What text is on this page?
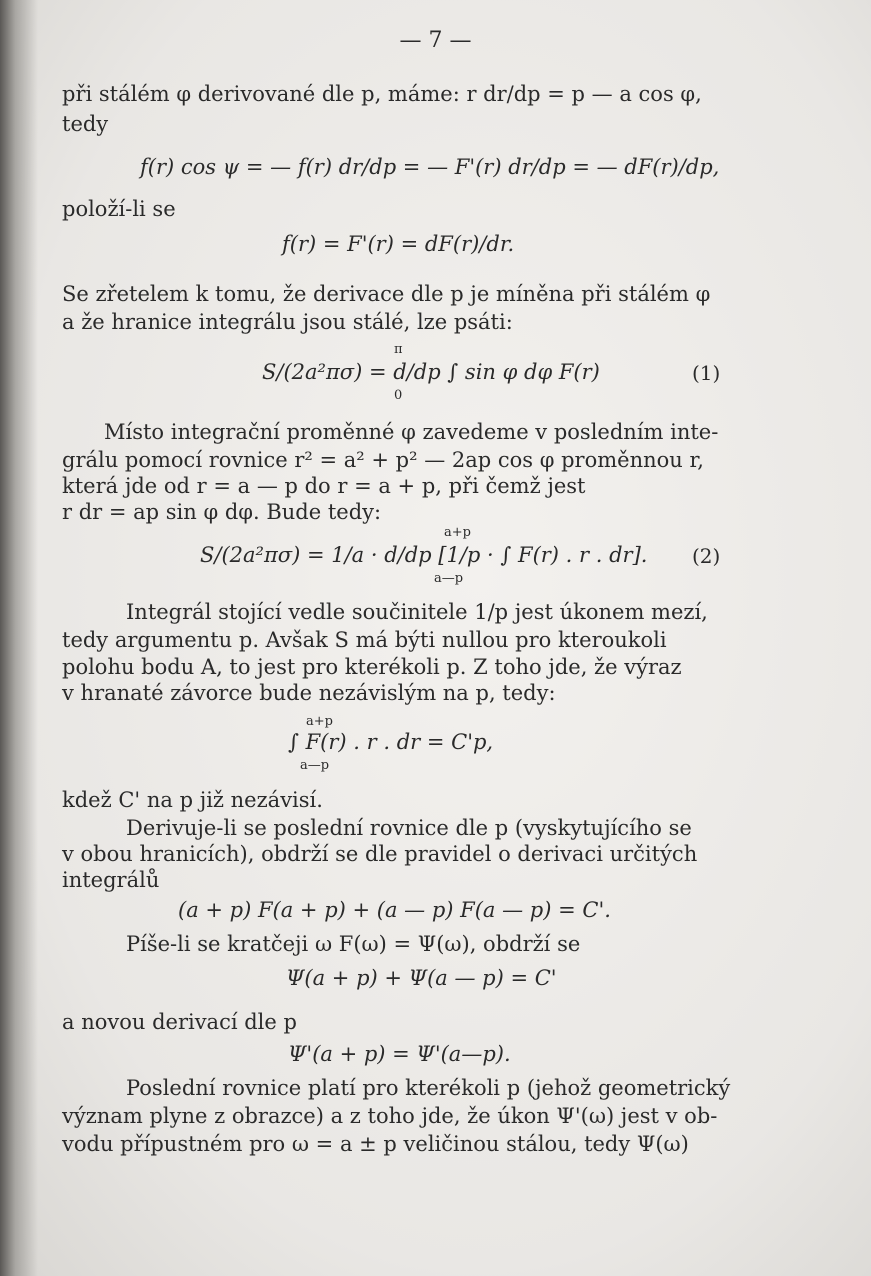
— 7 —
při stálém φ derivované dle p, máme: r dr/dp = p — a cos φ,
tedy
f(r) cos ψ = — f(r) dr/dp = — F'(r) dr/dp = — dF(r)/dp,
položí-li se
f(r) = F'(r) = dF(r)/dr.
Se zřetelem k tomu, že derivace dle p je míněna při stálém φ
a že hranice integrálu jsou stálé, lze psáti:
S/(2a²πσ) = d/dp ∫ sin φ dφ F(r)
π
0
(1)
Místo integrační proměnné φ zavedeme v posledním inte-
grálu pomocí rovnice r² = a² + p² — 2ap cos φ proměnnou r,
která jde od r = a — p do r = a + p, při čemž jest
r dr = ap sin φ dφ. Bude tedy:
S/(2a²πσ) = 1/a · d/dp [1/p · ∫ F(r) . r . dr].
a+p
a—p
(2)
Integrál stojící vedle součinitele 1/p jest úkonem mezí,
tedy argumentu p. Avšak S má býti nullou pro kteroukoli
polohu bodu A, to jest pro kterékoli p. Z toho jde, že výraz
v hranaté závorce bude nezávislým na p, tedy:
∫ F(r) . r . dr = C'p,
a+p
a—p
kdež C' na p již nezávisí.
Derivuje-li se poslední rovnice dle p (vyskytujícího se
v obou hranicích), obdrží se dle pravidel o derivaci určitých
integrálů
(a + p) F(a + p) + (a — p) F(a — p) = C'.
Píše-li se kratčeji ω F(ω) = Ψ(ω), obdrží se
Ψ(a + p) + Ψ(a — p) = C'
a novou derivací dle p
Ψ'(a + p) = Ψ'(a—p).
Poslední rovnice platí pro kterékoli p (jehož geometrický
význam plyne z obrazce) a z toho jde, že úkon Ψ'(ω) jest v ob-
vodu přípustném pro ω = a ± p veličinou stálou, tedy Ψ(ω)
